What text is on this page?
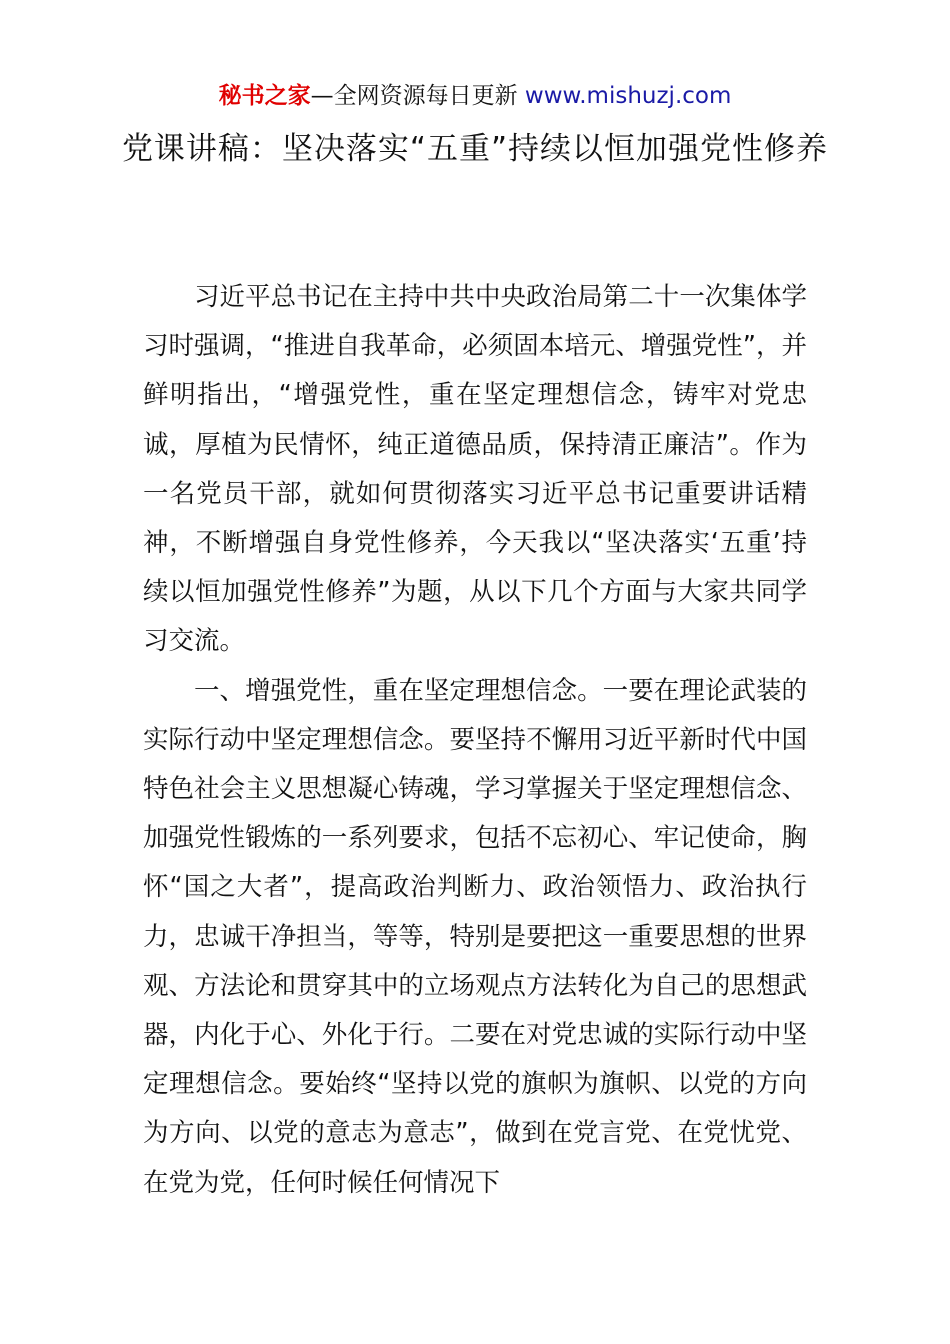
秘书之家—全网资源每日更新 www.mishuzj.com
党课讲稿：坚决落实“五重”持续以恒加强党性修养

习近平总书记在主持中共中央政治局第二十一次集体学习时强调，“推进自我革命，必须固本培元、增强党性”，并鲜明指出，“增强党性，重在坚定理想信念，铸牢对党忠诚，厚植为民情怀，纯正道德品质，保持清正廉洁”。作为一名党员干部，就如何贯彻落实习近平总书记重要讲话精神，不断增强自身党性修养，今天我以“坚决落实‘五重’持续以恒加强党性修养”为题，从以下几个方面与大家共同学习交流。

一、增强党性，重在坚定理想信念。一要在理论武装的实际行动中坚定理想信念。要坚持不懈用习近平新时代中国特色社会主义思想凝心铸魂，学习掌握关于坚定理想信念、加强党性锻炼的一系列要求，包括不忘初心、牢记使命，胸怀“国之大者”，提高政治判断力、政治领悟力、政治执行力，忠诚干净担当，等等，特别是要把这一重要思想的世界观、方法论和贯穿其中的立场观点方法转化为自己的思想武器，内化于心、外化于行。二要在对党忠诚的实际行动中坚定理想信念。要始终“坚持以党的旗帜为旗帜、以党的方向为方向、以党的意志为意志”，做到在党言党、在党忧党、在党为党，任何时候任何情况下
